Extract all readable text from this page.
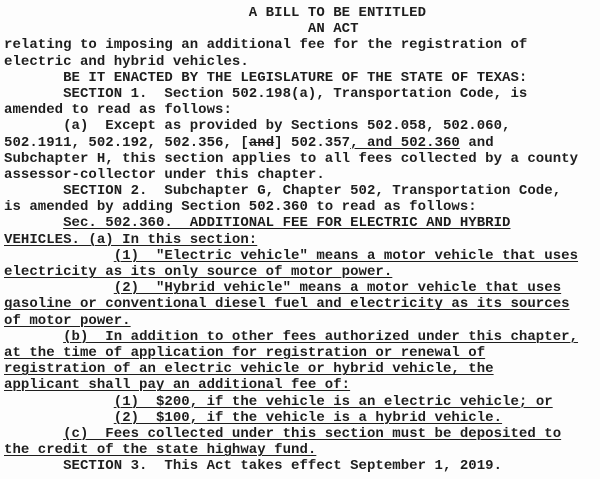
A BILL TO BE ENTITLED
AN ACT
relating to imposing an additional fee for the registration of
electric and hybrid vehicles.
BE IT ENACTED BY THE LEGISLATURE OF THE STATE OF TEXAS:
SECTION 1.  Section 502.198(a), Transportation Code, is
amended to read as follows:
(a)  Except as provided by Sections 502.058, 502.060,
502.1911, 502.192, 502.356, [and] 502.357, and 502.360 and
Subchapter H, this section applies to all fees collected by a county
assessor-collector under this chapter.
SECTION 2.  Subchapter G, Chapter 502, Transportation Code,
is amended by adding Section 502.360 to read as follows:
Sec. 502.360.  ADDITIONAL FEE FOR ELECTRIC AND HYBRID
VEHICLES. (a) In this section:
(1)  "Electric vehicle" means a motor vehicle that uses
electricity as its only source of motor power.
(2)  "Hybrid vehicle" means a motor vehicle that uses
gasoline or conventional diesel fuel and electricity as its sources
of motor power.
(b)  In addition to other fees authorized under this chapter,
at the time of application for registration or renewal of
registration of an electric vehicle or hybrid vehicle, the
applicant shall pay an additional fee of:
(1)  $200, if the vehicle is an electric vehicle; or
(2)  $100, if the vehicle is a hybrid vehicle.
(c)  Fees collected under this section must be deposited to
the credit of the state highway fund.
SECTION 3.  This Act takes effect September 1, 2019.
